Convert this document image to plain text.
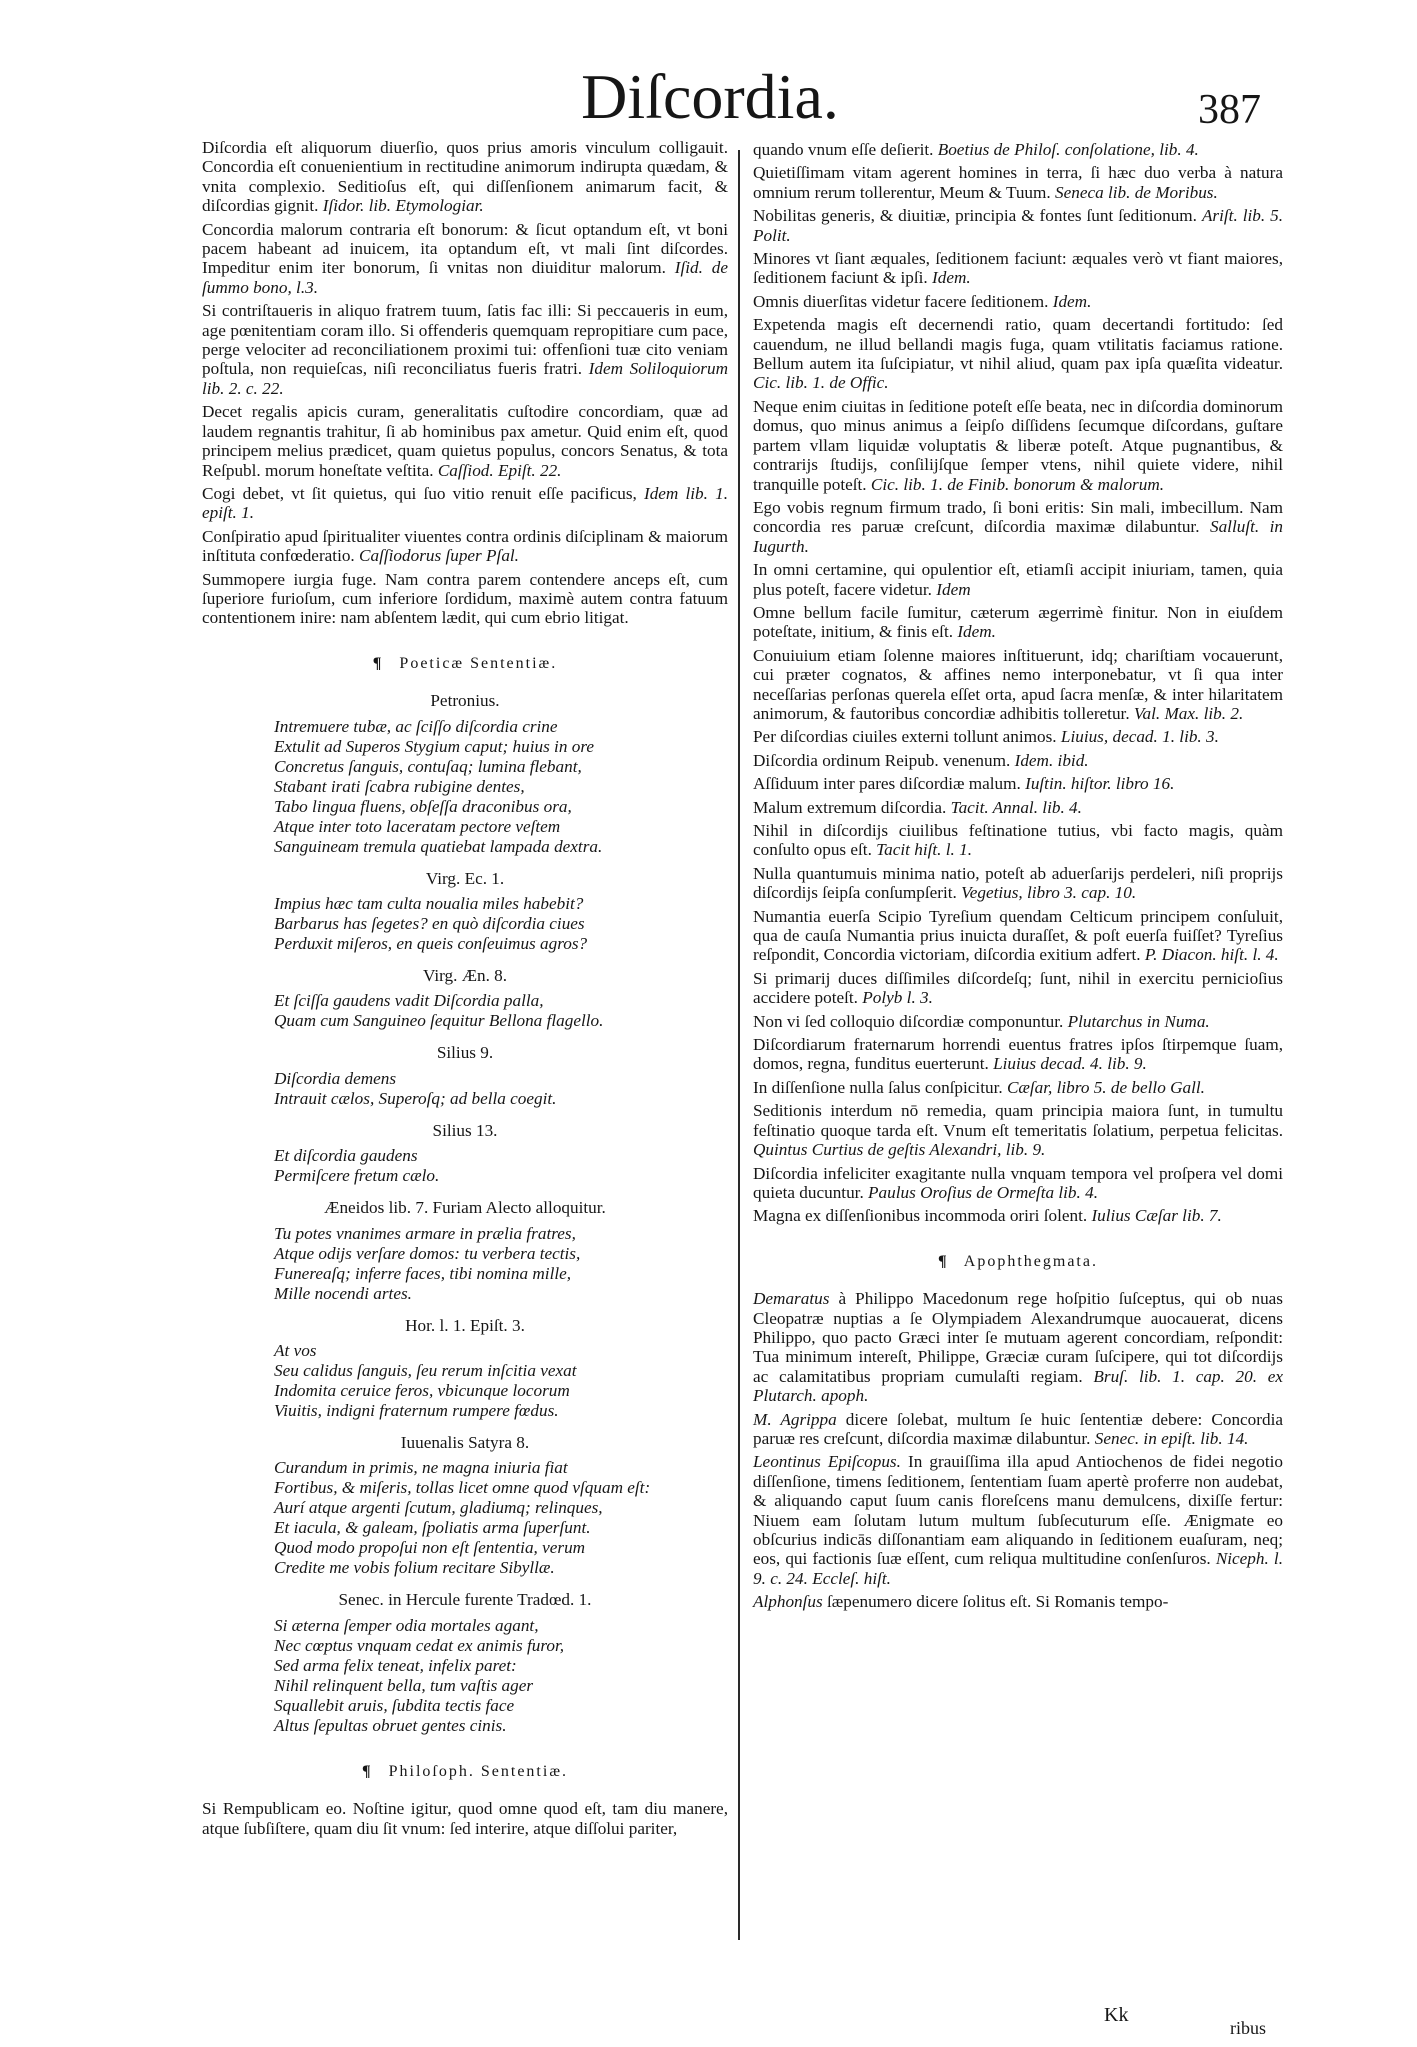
Diſcordia.	387

Diſcordia eſt aliquorum diuerſio, quos prius amoris vinculum colligauit. Concordia eſt conuenientium in rectitudine animorum indirupta quædam, & vnita complexio. Seditioſus eſt, qui diſſenſionem animarum facit, & diſcordias gignit. Iſidor. lib. Etymologiar.

Concordia malorum contraria eſt bonorum: & ſicut optandum eſt, vt boni pacem habeant ad inuicem, ita optandum eſt, vt mali ſint diſcordes. Impeditur enim iter bonorum, ſi vnitas non diuiditur malorum. Iſid. de ſummo bono, l.3.

Si contriſtaueris in aliquo fratrem tuum, ſatis fac illi: Si peccaueris in eum, age pœnitentiam coram illo. Si offenderis quemquam repropitiare cum pace, perge velociter ad reconciliationem proximi tui: offenſioni tuæ cito veniam poſtula, non requieſcas, niſi reconciliatus fueris fratri. Idem Soliloquiorum lib. 2. c. 22.

Decet regalis apicis curam, generalitatis cuſtodire concordiam, quæ ad laudem regnantis trahitur, ſi ab hominibus pax ametur. Quid enim eſt, quod principem melius prædicet, quam quietus populus, concors Senatus, & tota Reſpubl. morum honeſtate veſtita. Caſſiod. Epiſt. 22.

Cogi debet, vt ſit quietus, qui ſuo vitio renuit eſſe pacificus, Idem lib. 1. epiſt. 1.

Conſpiratio apud ſpiritualiter viuentes contra ordinis diſciplinam & maiorum inſtituta confœderatio. Caſſiodorus ſuper Pſal.

Summopere iurgia fuge. Nam contra parem contendere anceps eſt, cum ſuperiore furioſum, cum inferiore ſordidum, maximè autem contra fatuum contentionem inire: nam abſentem lædit, qui cum ebrio litigat.

¶ Poeticæ Sententiæ.
Petronius.
Intremuere tubæ, ac ſciſſo diſcordia crine
Extulit ad Superos Stygium caput; huius in ore
Concretus ſanguis, contuſaq; lumina flebant,
Stabant irati ſcabra rubigine dentes,
Tabo lingua fluens, obſeſſa draconibus ora,
Atque inter toto laceratam pectore veſtem
Sanguineam tremula quatiebat lampada dextra.
Virg. Ec. 1.
Impius hæc tam culta noualia miles habebit?
Barbarus has ſegetes? en quò diſcordia ciues
Perduxit miſeros, en queis conſeuimus agros?
Virg. Æn. 8.
Et ſciſſa gaudens vadit Diſcordia palla,
Quam cum Sanguineo ſequitur Bellona flagello.
Silius 9.
Diſcordia demens
Intrauit cælos, Superoſq; ad bella coegit.
Silius 13.
Et diſcordia gaudens
Permiſcere fretum cælo.
Æneidos lib. 7. Furiam Alecto alloquitur.
Tu potes vnanimes armare in prælia fratres,
Atque odijs verſare domos: tu verbera tectis,
Funereaſq; inferre faces, tibi nomina mille,
Mille nocendi artes.
Hor. l. 1. Epiſt. 3.
At vos
Seu calidus ſanguis, ſeu rerum inſcitia vexat
Indomita ceruice feros, vbicunque locorum
Viuitis, indigni fraternum rumpere fœdus.
Iuuenalis Satyra 8.
Curandum in primis, ne magna iniuria fiat
Fortibus, & miſeris, tollas licet omne quod vſquam eſt:
Aurí atque argenti ſcutum, gladiumq; relinques,
Et iacula, & galeam, ſpoliatis arma ſuperſunt.
Quod modo propoſui non eſt ſententia, verum
Credite me vobis folium recitare Sibyllæ.
Senec. in Hercule furente Tradœd. 1.
Si æterna ſemper odia mortales agant,
Nec cœptus vnquam cedat ex animis furor,
Sed arma felix teneat, infelix paret:
Nihil relinquent bella, tum vaſtis ager
Squallebit aruis, ſubdita tectis face
Altus ſepultas obruet gentes cinis.
¶ Philoſoph. Sententiæ.

Si Rempublicam eo. Noſtine igitur, quod omne quod eſt, tam diu manere, atque ſubſiſtere, quam diu ſit vnum: ſed interire, atque diſſolui pariter,

quando vnum eſſe deſierit. Boetius de Philoſ. conſolatione, lib. 4.

Quietiſſimam vitam agerent homines in terra, ſi hæc duo verba à natura omnium rerum tollerentur, Meum & Tuum. Seneca lib. de Moribus.

Nobilitas generis, & diuitiæ, principia & fontes ſunt ſeditionum. Ariſt. lib. 5. Polit.

Minores vt ſiant æquales, ſeditionem faciunt: æquales verò vt fiant maiores, ſeditionem faciunt & ipſi. Idem.

Omnis diuerſitas videtur facere ſeditionem. Idem.

Expetenda magis eſt decernendi ratio, quam decertandi fortitudo: ſed cauendum, ne illud bellandi magis fuga, quam vtilitatis faciamus ratione. Bellum autem ita ſuſcipiatur, vt nihil aliud, quam pax ipſa quæſita videatur. Cic. lib. 1. de Offic.

Neque enim ciuitas in ſeditione poteſt eſſe beata, nec in diſcordia dominorum domus, quo minus animus a ſeipſo diſſidens ſecumque diſcordans, guſtare partem vllam liquidæ voluptatis & liberæ poteſt. Atque pugnantibus, & contrarijs ſtudijs, conſilijſque ſemper vtens, nihil quiete videre, nihil tranquille poteſt. Cic. lib. 1. de Finib. bonorum & malorum.

Ego vobis regnum firmum trado, ſi boni eritis: Sin mali, imbecillum. Nam concordia res paruæ creſcunt, diſcordia maximæ dilabuntur. Salluſt. in Iugurth.

In omni certamine, qui opulentior eſt, etiamſi accipit iniuriam, tamen, quia plus poteſt, facere videtur. Idem

Omne bellum facile ſumitur, cæterum ægerrimè finitur. Non in eiuſdem poteſtate, initium, & finis eſt. Idem.

Conuiuium etiam ſolenne maiores inſtituerunt, idq; chariſtiam vocauerunt, cui præter cognatos, & affines nemo interponebatur, vt ſi qua inter neceſſarias perſonas querela eſſet orta, apud ſacra menſæ, & inter hilaritatem animorum, & fautoribus concordiæ adhibitis tolleretur. Val. Max. lib. 2.

Per diſcordias ciuiles externi tollunt animos. Liuius, decad. 1. lib. 3.

Diſcordia ordinum Reipub. venenum. Idem. ibid.

Aſſiduum inter pares diſcordiæ malum. Iuſtin. hiſtor. libro 16.

Malum extremum diſcordia. Tacit. Annal. lib. 4.

Nihil in diſcordijs ciuilibus feſtinatione tutius, vbi facto magis, quàm conſulto opus eſt. Tacit hiſt. l. 1.

Nulla quantumuis minima natio, poteſt ab aduerſarijs perdeleri, niſi proprijs diſcordijs ſeipſa conſumpſerit. Vegetius, libro 3. cap. 10.

Numantia euerſa Scipio Tyreſium quendam Celticum principem conſuluit, qua de cauſa Numantia prius inuicta duraſſet, & poſt euerſa fuiſſet? Tyreſius reſpondit, Concordia victoriam, diſcordia exitium adfert. P. Diacon. hiſt. l. 4.

Si primarij duces diſſimiles diſcordeſq; ſunt, nihil in exercitu pernicioſius accidere poteſt. Polyb l. 3.

Non vi ſed colloquio diſcordiæ componuntur. Plutarchus in Numa.

Diſcordiarum fraternarum horrendi euentus fratres ipſos ſtirpemque ſuam, domos, regna, funditus euerterunt. Liuius decad. 4. lib. 9.

In diſſenſione nulla ſalus conſpicitur. Cæſar, libro 5. de bello Gall.

Seditionis interdum nō remedia, quam principia maiora ſunt, in tumultu feſtinatio quoque tarda eſt. Vnum eſt temeritatis ſolatium, perpetua felicitas. Quintus Curtius de geſtis Alexandri, lib. 9.

Diſcordia infeliciter exagitante nulla vnquam tempora vel proſpera vel domi quieta ducuntur. Paulus Oroſius de Ormeſta lib. 4.

Magna ex diſſenſionibus incommoda oriri ſolent. Iulius Cæſar lib. 7.

¶ Apophthegmata.

Demaratus à Philippo Macedonum rege hoſpitio ſuſceptus, qui ob nuas Cleopatræ nuptias a ſe Olympiadem Alexandrumque auocauerat, dicens Philippo, quo pacto Græci inter ſe mutuam agerent concordiam, reſpondit: Tua minimum intereſt, Philippe, Græciæ curam ſuſcipere, qui tot diſcordijs ac calamitatibus propriam cumulaſti regiam. Bruſ. lib. 1. cap. 20. ex Plutarch. apoph.

M. Agrippa dicere ſolebat, multum ſe huic ſententiæ debere: Concordia paruæ res creſcunt, diſcordia maximæ dilabuntur. Senec. in epiſt. lib. 14.

Leontinus Epiſcopus. In grauiſſima illa apud Antiochenos de fidei negotio diſſenſione, timens ſeditionem, ſententiam ſuam apertè proferre non audebat, & aliquando caput ſuum canis floreſcens manu demulcens, dixiſſe fertur: Niuem eam ſolutam lutum multum ſubſecuturum eſſe. Ænigmate eo obſcurius indicās diſſonantiam eam aliquando in ſeditionem euaſuram, neq; eos, qui factionis ſuæ eſſent, cum reliqua multitudine conſenſuros. Niceph. l. 9. c. 24. Eccleſ. hiſt.

Alphonſus ſæpenumero dicere ſolitus eſt. Si Romanis tempo-

Kk
ribus
